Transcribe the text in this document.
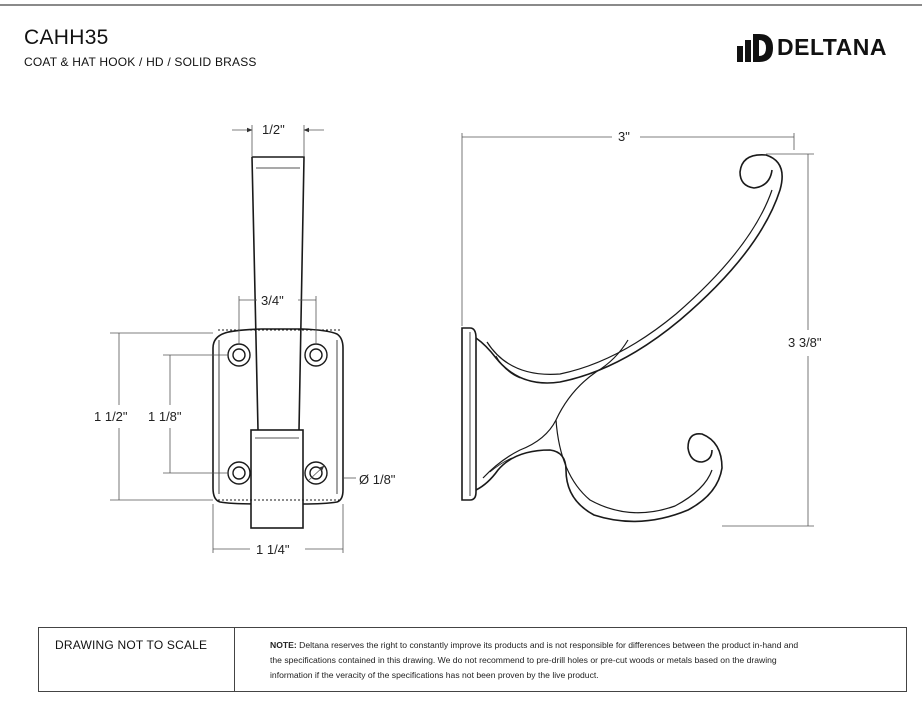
CAHH35
COAT & HAT HOOK / HD / SOLID BRASS
DELTANA
1/2"
3/4"
1 1/2" 1 1/8"
Ø 1/8"
1 1/4"
3"
3 3/8"
DRAWING NOT TO SCALE	NOTE: Deltana reserves the right to constantly improve its products and is not responsible for differences between the product in-hand and
the specifications contained in this drawing. We do not recommend to pre-drill holes or pre-cut woods or metals based on the drawing
information if the veracity of the specifications has not been proven by the live product.
